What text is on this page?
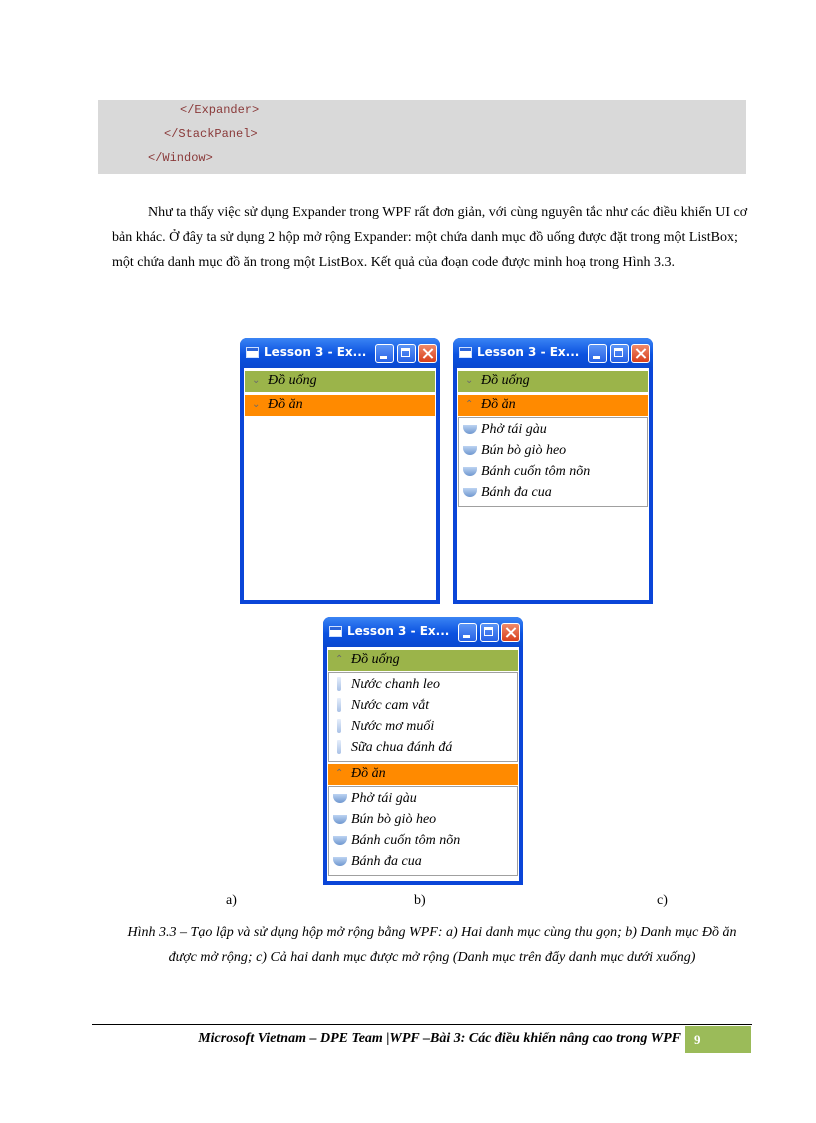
</Expander>
</StackPanel>
</Window>
Như ta thấy việc sử dụng Expander trong WPF rất đơn giản, với cùng nguyên tắc như các điều khiển UI cơ bản khác. Ở đây ta sử dụng 2 hộp mở rộng Expander: một chứa danh mục đồ uống được đặt trong một ListBox; một chứa danh mục đồ ăn trong một ListBox. Kết quả của đoạn code được minh hoạ trong Hình 3.3.
Lesson 3 - Ex...
⌄ Đồ uống
⌄ Đồ ăn
Lesson 3 - Ex...
⌄ Đồ uống
⌃ Đồ ăn
Phở tái gàu
Bún bò giò heo
Bánh cuốn tôm nõn
Bánh đa cua
Lesson 3 - Ex...
⌃ Đồ uống
Nước chanh leo
Nước cam vắt
Nước mơ muối
Sữa chua đánh đá
⌃ Đồ ăn
Phở tái gàu
Bún bò giò heo
Bánh cuốn tôm nõn
Bánh đa cua
a)	b)	c)
Hình 3.3 – Tạo lập và sử dụng hộp mở rộng bằng WPF: a) Hai danh mục cùng thu gọn; b) Danh mục Đồ ăn được mở rộng; c) Cả hai danh mục được mở rộng (Danh mục trên đẩy danh mục dưới xuống)
Microsoft Vietnam – DPE Team |WPF –Bài 3: Các điều khiển nâng cao trong WPF 9
